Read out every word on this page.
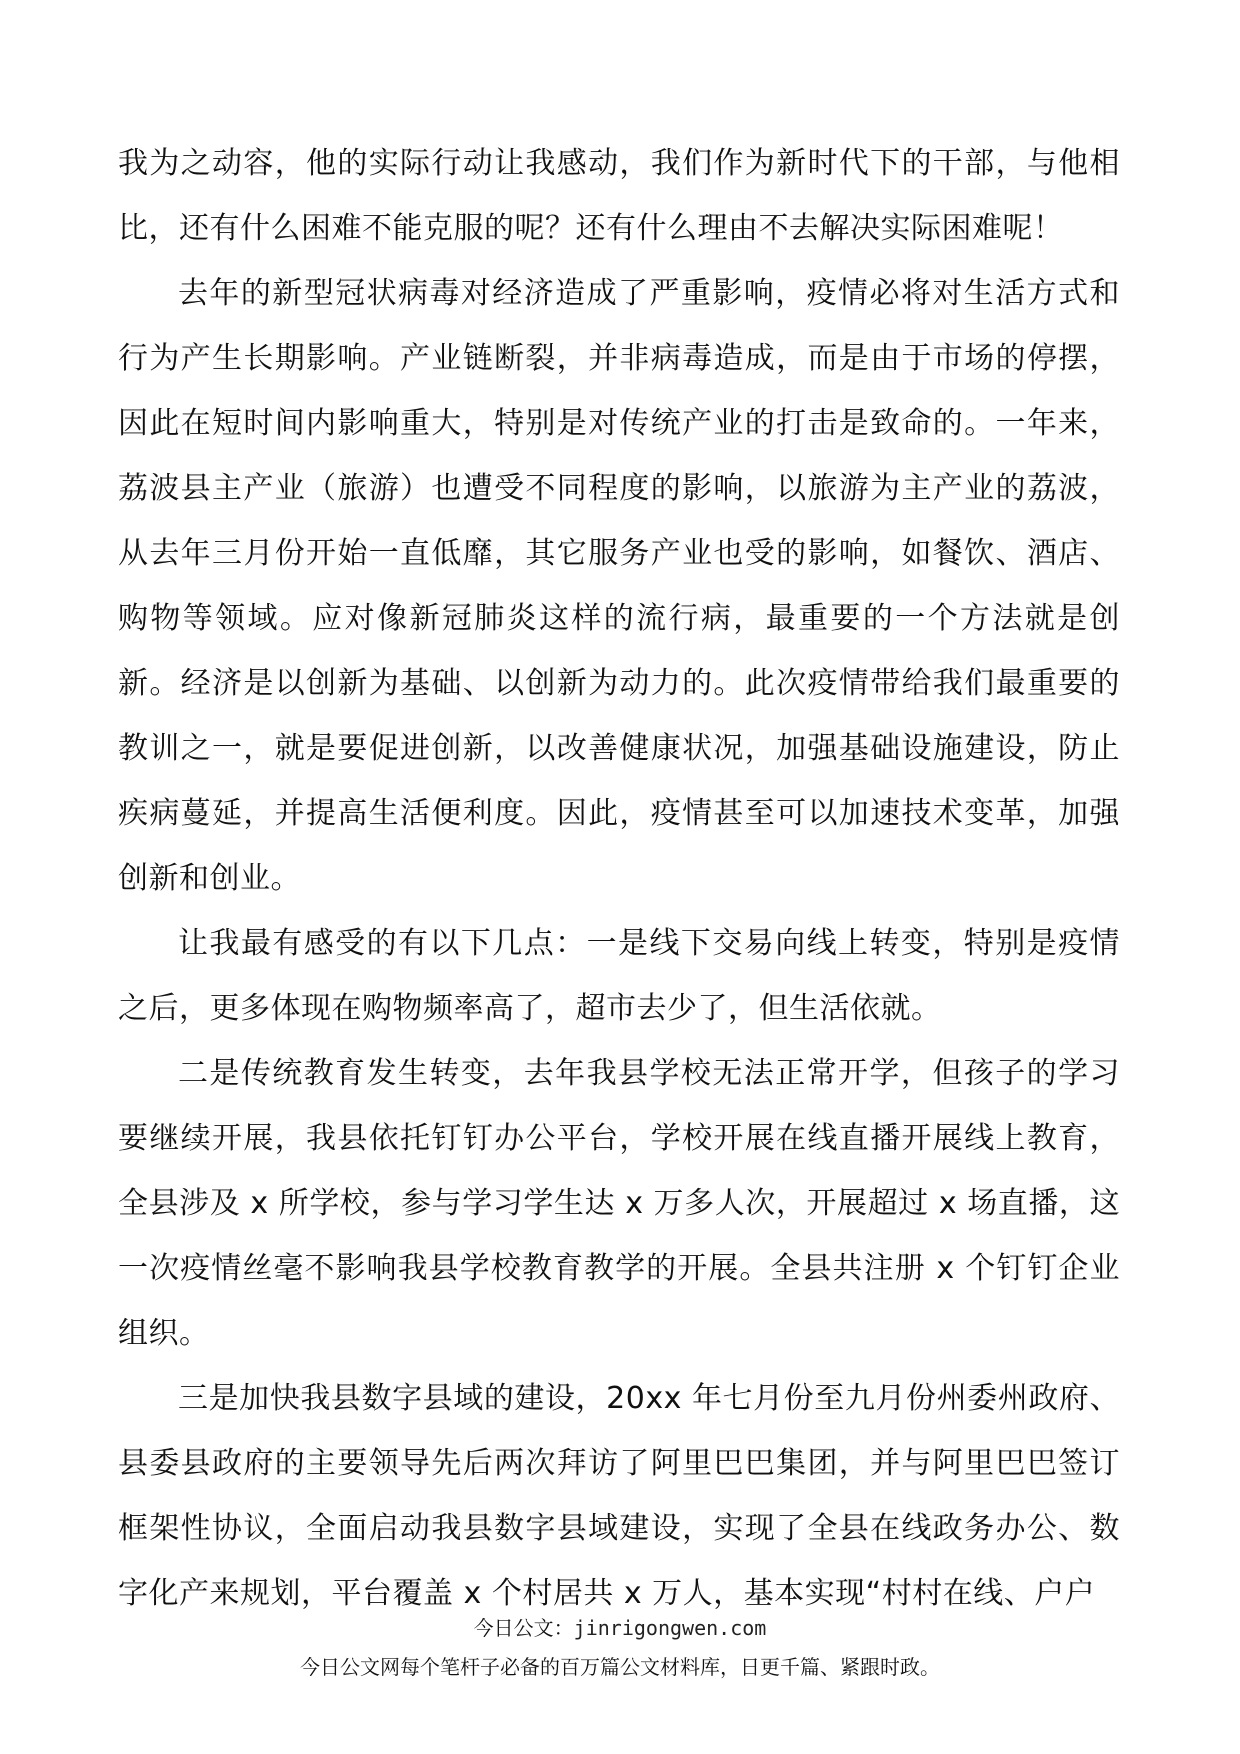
我为之动容，他的实际行动让我感动，我们作为新时代下的干部，与他相比，还有什么困难不能克服的呢？还有什么理由不去解决实际困难呢！

去年的新型冠状病毒对经济造成了严重影响，疫情必将对生活方式和行为产生长期影响。产业链断裂，并非病毒造成，而是由于市场的停摆，因此在短时间内影响重大，特别是对传统产业的打击是致命的。一年来，荔波县主产业（旅游）也遭受不同程度的影响，以旅游为主产业的荔波，从去年三月份开始一直低靡，其它服务产业也受的影响，如餐饮、酒店、购物等领域。应对像新冠肺炎这样的流行病，最重要的一个方法就是创新。经济是以创新为基础、以创新为动力的。此次疫情带给我们最重要的教训之一，就是要促进创新，以改善健康状况，加强基础设施建设，防止疾病蔓延，并提高生活便利度。因此，疫情甚至可以加速技术变革，加强创新和创业。

让我最有感受的有以下几点：一是线下交易向线上转变，特别是疫情之后，更多体现在购物频率高了，超市去少了，但生活依就。

二是传统教育发生转变，去年我县学校无法正常开学，但孩子的学习要继续开展，我县依托钉钉办公平台，学校开展在线直播开展线上教育，全县涉及 x 所学校，参与学习学生达 x 万多人次，开展超过 x 场直播，这一次疫情丝毫不影响我县学校教育教学的开展。全县共注册 x 个钉钉企业组织。

三是加快我县数字县域的建设，20xx 年七月份至九月份州委州政府、县委县政府的主要领导先后两次拜访了阿里巴巴集团，并与阿里巴巴签订框架性协议，全面启动我县数字县域建设，实现了全县在线政务办公、数字化产来规划，平台覆盖 x 个村居共 x 万人，基本实现“村村在线、户户

今日公文：jinrigongwen.com
今日公文网每个笔杆子必备的百万篇公文材料库，日更千篇、紧跟时政。
